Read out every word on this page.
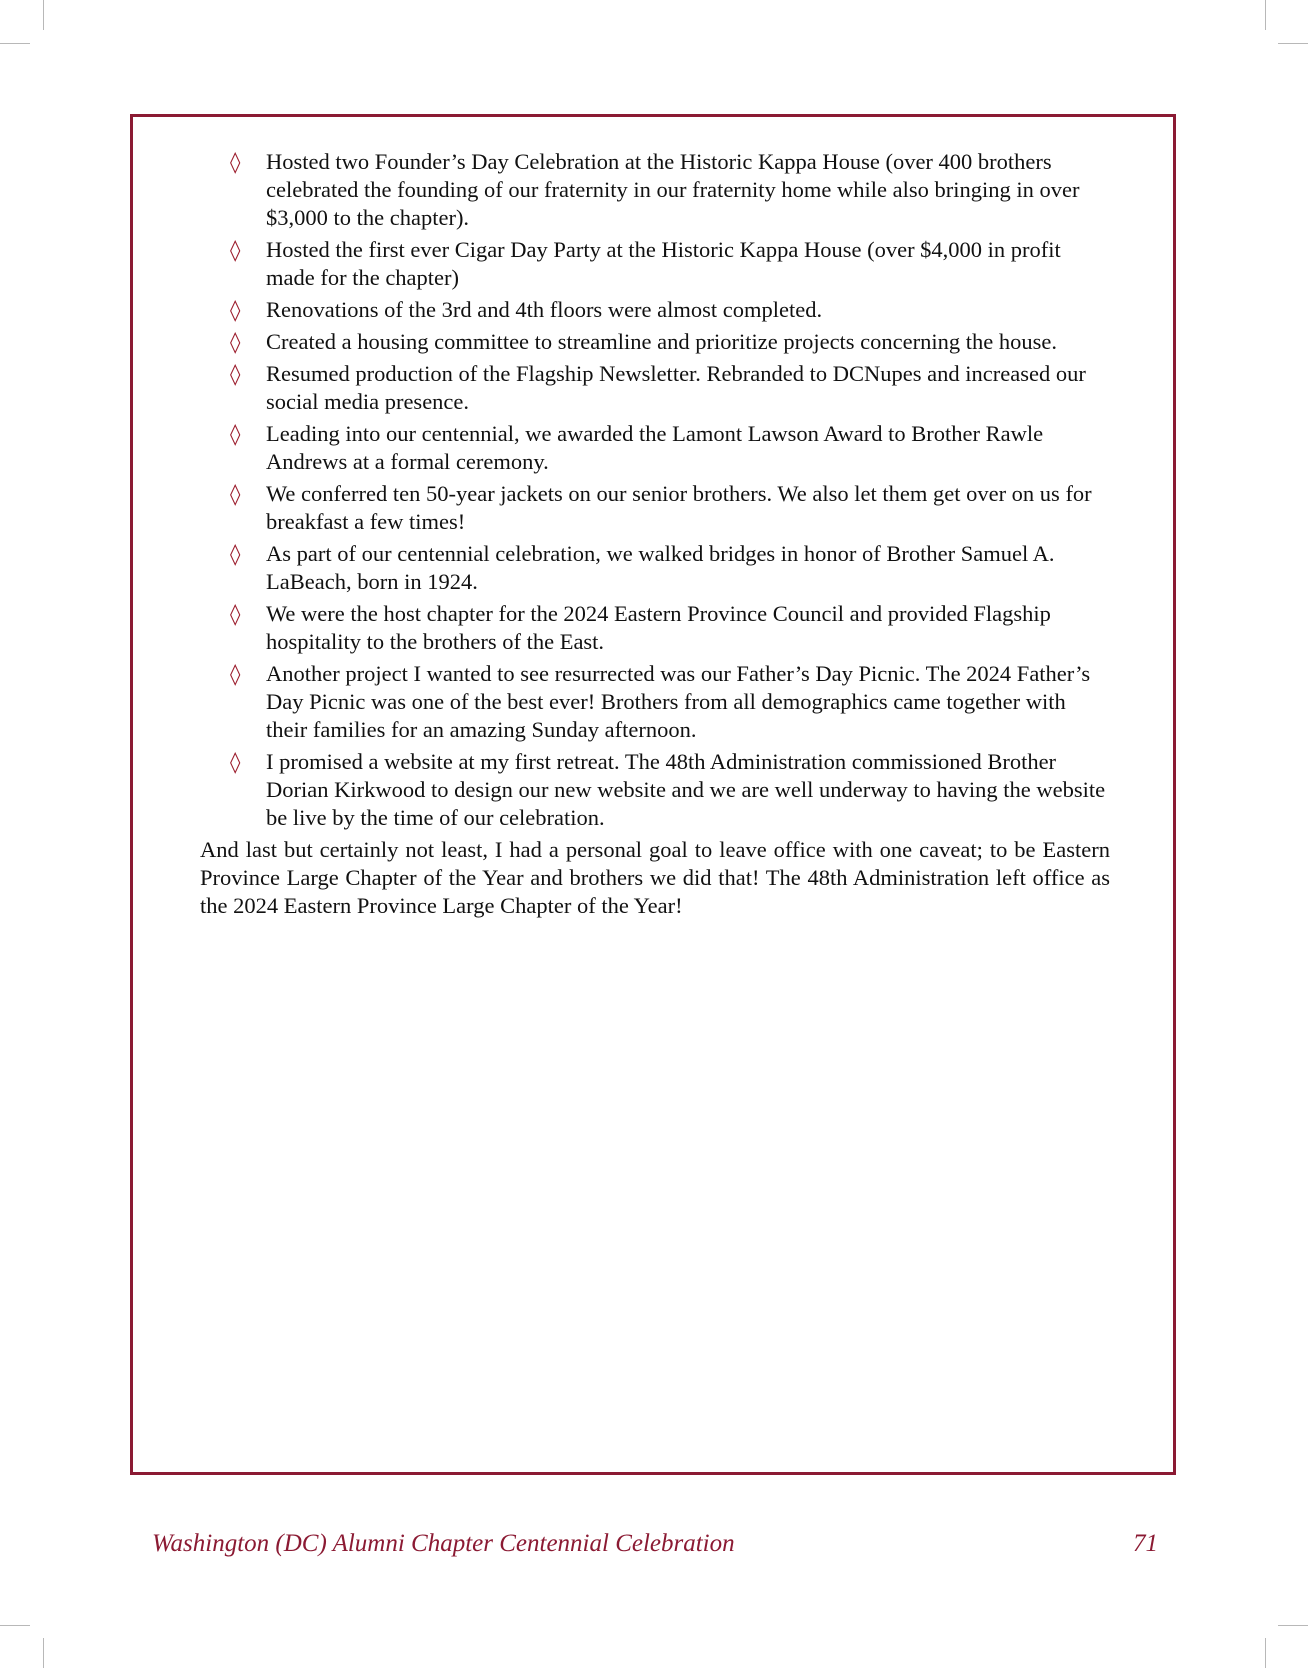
◊ Hosted two Founder’s Day Celebration at the Historic Kappa House (over 400 brothers celebrated the founding of our fraternity in our fraternity home while also bringing in over $3,000 to the chapter).
◊ Hosted the first ever Cigar Day Party at the Historic Kappa House (over $4,000 in profit made for the chapter)
◊ Renovations of the 3rd and 4th floors were almost completed.
◊ Created a housing committee to streamline and prioritize projects concerning the house.
◊ Resumed production of the Flagship Newsletter. Rebranded to DCNupes and increased our social media presence.
◊ Leading into our centennial, we awarded the Lamont Lawson Award to Brother Rawle Andrews at a formal ceremony.
◊ We conferred ten 50-year jackets on our senior brothers. We also let them get over on us for breakfast a few times!
◊ As part of our centennial celebration, we walked bridges in honor of Brother Samuel A. LaBeach, born in 1924.
◊ We were the host chapter for the 2024 Eastern Province Council and provided Flagship hospitality to the brothers of the East.
◊ Another project I wanted to see resurrected was our Father’s Day Picnic. The 2024 Father’s Day Picnic was one of the best ever! Brothers from all demographics came together with their families for an amazing Sunday afternoon.
◊ I promised a website at my first retreat. The 48th Administration commissioned Brother Dorian Kirkwood to design our new website and we are well underway to having the website be live by the time of our celebration.

And last but certainly not least, I had a personal goal to leave office with one caveat; to be Eastern Province Large Chapter of the Year and brothers we did that! The 48th Administration left office as the 2024 Eastern Province Large Chapter of the Year!

Washington (DC) Alumni Chapter Centennial Celebration	71
